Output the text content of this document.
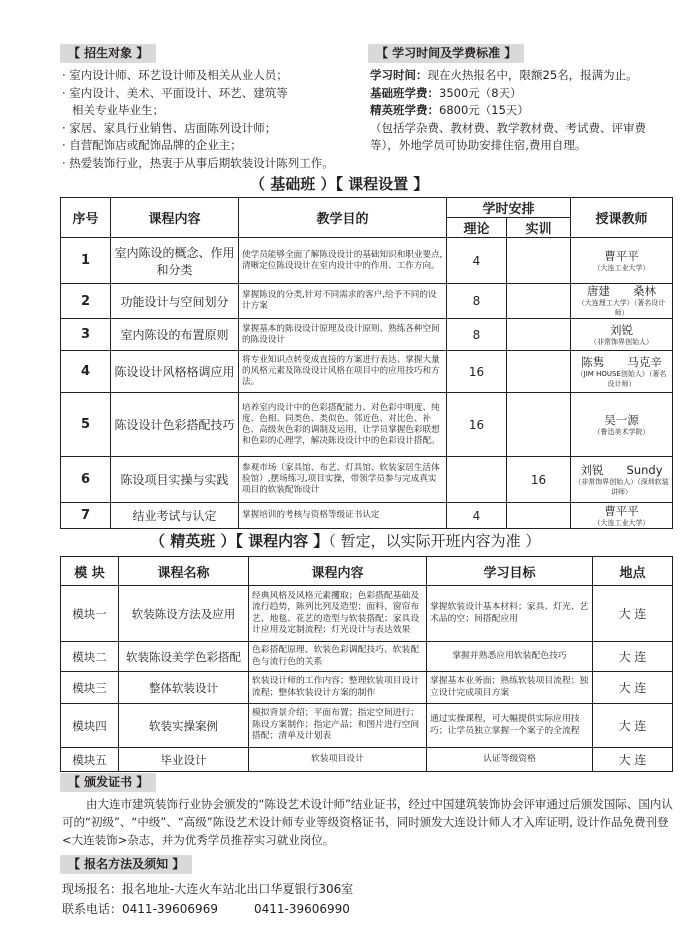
【 招生对象 】
· 室内设计师、环艺设计师及相关从业人员；
· 室内设计、美术、平面设计、环艺、建筑等
相关专业毕业生；
· 家居、家具行业销售、店面陈列设计师；
· 自营配饰店或配饰品牌的企业主；
· 热爱装饰行业，热衷于从事后期软装设计陈列工作。
【 学习时间及学费标准 】
学习时间：现在火热报名中，限额25名，报满为止。
基础班学费：3500元（8天）
精英班学费：6800元（15天）
（包括学杂费、教材费、教学教材费、考试费、评审费等），外地学员可协助安排住宿,费用自理。
（ 基础班 ）【 课程设置 】
序号	课程内容	教学目的	学时安排		授课教师
			理论	实训	
1	室内陈设的概念、作用和分类	使学员能够全面了解陈设设计的基础知识和职业要点,清晰定位陈设设计在室内设计中的作用、工作方向。	4		曹平平
（大连工业大学）

2	功能设计与空间划分	掌握陈设的分类,针对不同需求的客户,给予不同的设计方案	8		唐建　　桑林
（大连理工大学）（著名设计师）

3	室内陈设的布置原则	掌握基本的陈设设计原理及设计原则、熟练各种空间的陈设设计	8		刘锐
（非常饰界创始人）

4	陈设设计风格格调应用	将专业知识点转变成直接的方案进行表达、掌握大量的风格元素及陈设设计风格在项目中的应用技巧和方法。	16		陈隽　　马克辛
（JIM HOUSE创始人）（著名设计师）

5	陈设设计色彩搭配技巧	培养室内设计中的色彩搭配能力、对色彩中明度、纯度、色相、同类色、类似色、邻近色、对比色、补色、高级灰色彩的调制及运用，让学员掌握色彩联想和色彩的心理学，解决陈设设计中的色彩设计搭配。	16		吴一源
（鲁迅美术学院）

6	陈设项目实操与实践	参观市场（家具馆、布艺、灯具馆、软装家居生活体验馆）,摆场练习,项目实操，带领学员参与完成真实项目的软装配饰设计		16	刘锐　　Sundy
（非常饰界创始人）（深圳软装讲师）

7	结业考试与认定	掌握培训的考核与资格等级证书认定	4		曹平平
（大连工业大学）
（ 精英班 ）【 课程内容 】（ 暂定，以实际开班内容为准 ）
模 块	课程名称	课程内容	学习目标	地点
模块一	软装陈设方法及应用	经典风格及风格元素攫取；色彩搭配基础及流行趋势，陈列比列及造型；面料、窗帘布艺、地毯、花艺的造型与软装搭配；家具设计应用及定制流程；灯光设计与表达效果	掌握软装设计基本材料；家具、灯光、艺术品的空；间搭配应用	大 连
模块二	软装陈设美学色彩搭配	色彩搭配原理、软装色彩调配技巧、软装配色与流行色的关系	掌握并熟悉应用软装配色技巧	大 连
模块三	整体软装设计	软装设计师的工作内容；整理软装项目设计流程；整体软装设计方案的制作	掌握基本业务面；熟练软装项目流程；独立设计完成项目方案	大 连
模块四	软装实操案例	模拟背景介绍；平面布置；指定空间进行；陈设方案制作；指定产品；和图片进行空间搭配；清单及计划表	通过实操课程，可大幅提供实际应用技巧；让学员独立掌握一个案子的全流程	大 连
模块五	毕业设计	软装项目设计	认证等级资格	大 连
【 颁发证书 】
由大连市建筑装饰行业协会颁发的“陈设艺术设计师”结业证书，经过中国建筑装饰协会评审通过后颁发国际、国内认可的“初级”、“中级”、“高级”陈设艺术设计师专业等级资格证书，同时颁发大连设计师人才入库证明, 设计作品免费刊登<大连装饰>杂志，并为优秀学员推荐实习就业岗位。
【 报名方法及须知 】
现场报名：报名地址-大连火车站北出口华夏银行306室
联系电话：0411-39606969	0411-39606990
